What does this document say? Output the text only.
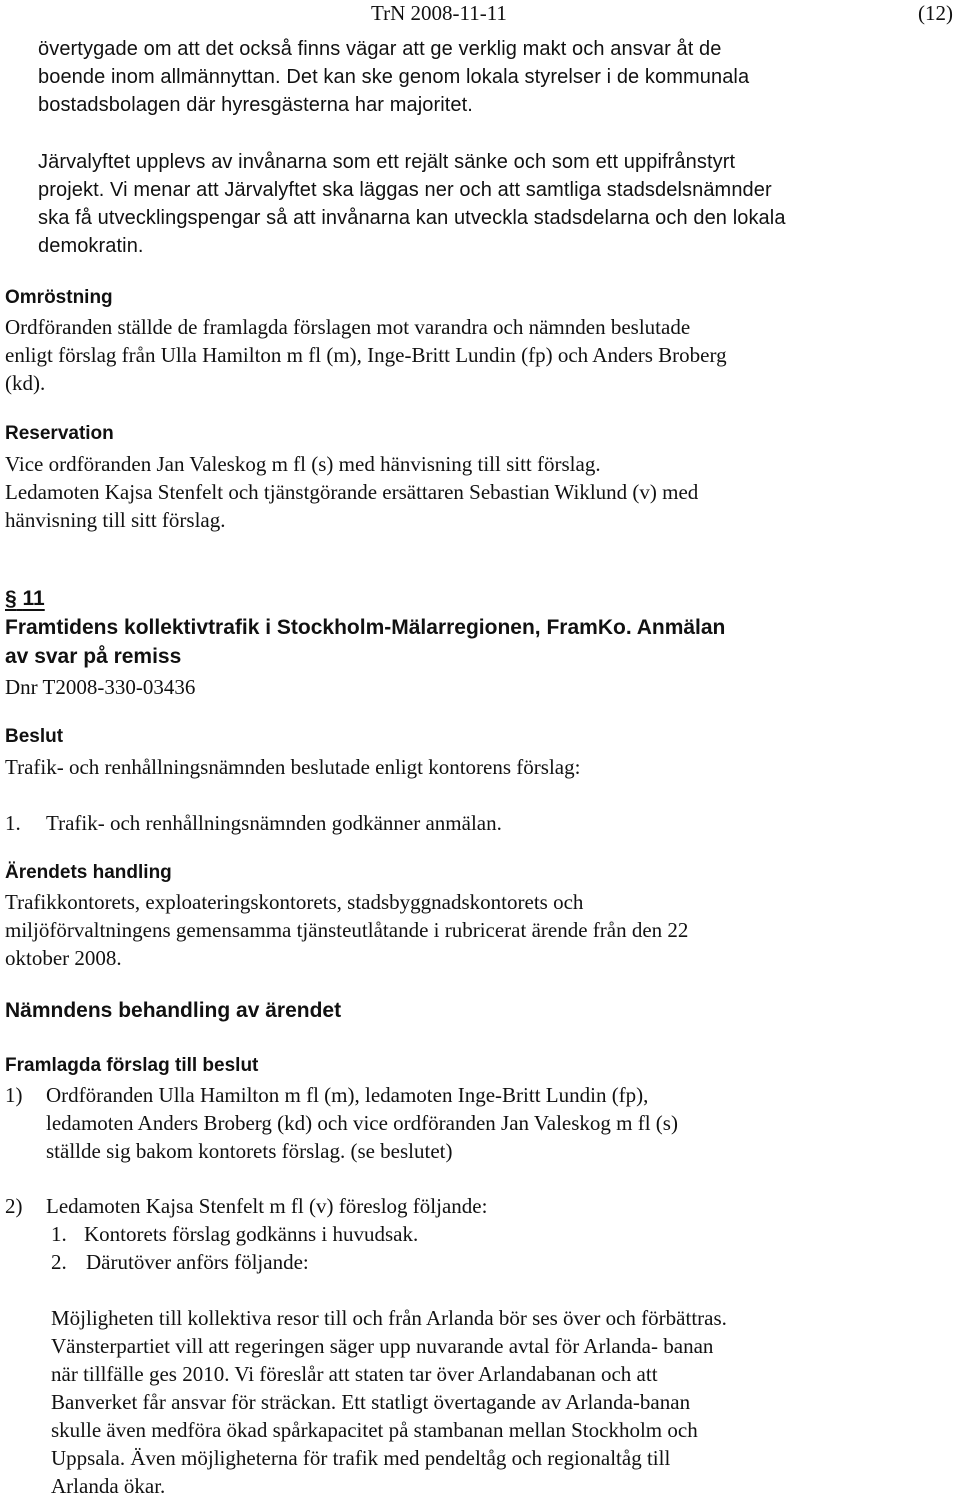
TrN 2008-11-11	(12)
övertygade om att det också finns vägar att ge verklig makt och ansvar åt de
boende inom allmännyttan. Det kan ske genom lokala styrelser i de kommunala
bostadsbolagen där hyresgästerna har majoritet.
Järvalyftet upplevs av invånarna som ett rejält sänke och som ett uppifrånstyrt
projekt. Vi menar att Järvalyftet ska läggas ner och att samtliga stadsdelsnämnder
ska få utvecklingspengar så att invånarna kan utveckla stadsdelarna och den lokala
demokratin.
Omröstning
Ordföranden ställde de framlagda förslagen mot varandra och nämnden beslutade
enligt förslag från Ulla Hamilton m fl (m), Inge-Britt Lundin (fp) och Anders Broberg
(kd).
Reservation
Vice ordföranden Jan Valeskog m fl (s) med hänvisning till sitt förslag.
Ledamoten Kajsa Stenfelt och tjänstgörande ersättaren Sebastian Wiklund (v) med
hänvisning till sitt förslag.
§ 11
Framtidens kollektivtrafik i Stockholm-Mälarregionen, FramKo. Anmälan
av svar på remiss
Dnr T2008-330-03436
Beslut
Trafik- och renhållningsnämnden beslutade enligt kontorens förslag:
1. Trafik- och renhållningsnämnden godkänner anmälan.
Ärendets handling
Trafikkontorets, exploateringskontorets, stadsbyggnadskontorets och
miljöförvaltningens gemensamma tjänsteutlåtande i rubricerat ärende från den 22
oktober 2008.
Nämndens behandling av ärendet
Framlagda förslag till beslut
1) Ordföranden Ulla Hamilton m fl (m), ledamoten Inge-Britt Lundin (fp),
ledamoten Anders Broberg (kd) och vice ordföranden Jan Valeskog m fl (s)
ställde sig bakom kontorets förslag. (se beslutet)
2) Ledamoten Kajsa Stenfelt m fl (v) föreslog följande:
1. Kontorets förslag godkänns i huvudsak.
2. Därutöver anförs följande:
Möjligheten till kollektiva resor till och från Arlanda bör ses över och förbättras.
Vänsterpartiet vill att regeringen säger upp nuvarande avtal för Arlanda- banan
när tillfälle ges 2010. Vi föreslår att staten tar över Arlandabanan och att
Banverket får ansvar för sträckan. Ett statligt övertagande av Arlanda-banan
skulle även medföra ökad spårkapacitet på stambanan mellan Stockholm och
Uppsala. Även möjligheterna för trafik med pendeltåg och regionaltåg till
Arlanda ökar.
